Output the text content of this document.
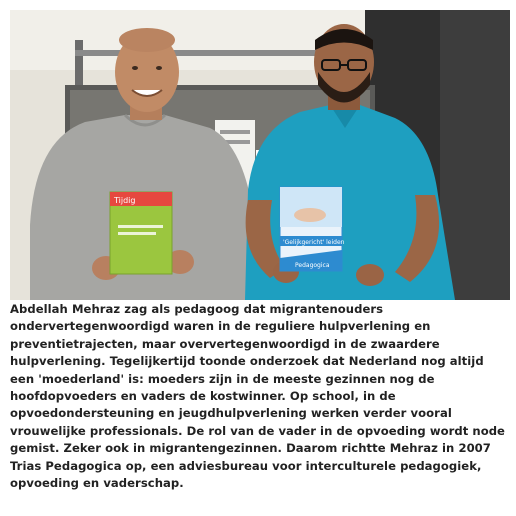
Tijdig
'Gelijkgericht' leiden
Pedagogica

Abdellah Mehraz zag als pedagoog dat migrantenouders ondervertegenwoordigd waren in de reguliere hulpverlening en preventietrajecten, maar oververtegenwoordigd in de zwaardere hulpverlening. Tegelijkertijd toonde onderzoek dat Nederland nog altijd een 'moederland' is: moeders zijn in de meeste gezinnen nog de hoofdopvoeders en vaders de kostwinner. Op school, in de opvoedondersteuning en jeugdhulpverlening werken verder vooral vrouwelijke professionals. De rol van de vader in de opvoeding wordt node gemist. Zeker ook in migrantengezinnen. Daarom richtte Mehraz in 2007 Trias Pedagogica op, een adviesbureau voor interculturele pedagogiek, opvoeding en vaderschap.
